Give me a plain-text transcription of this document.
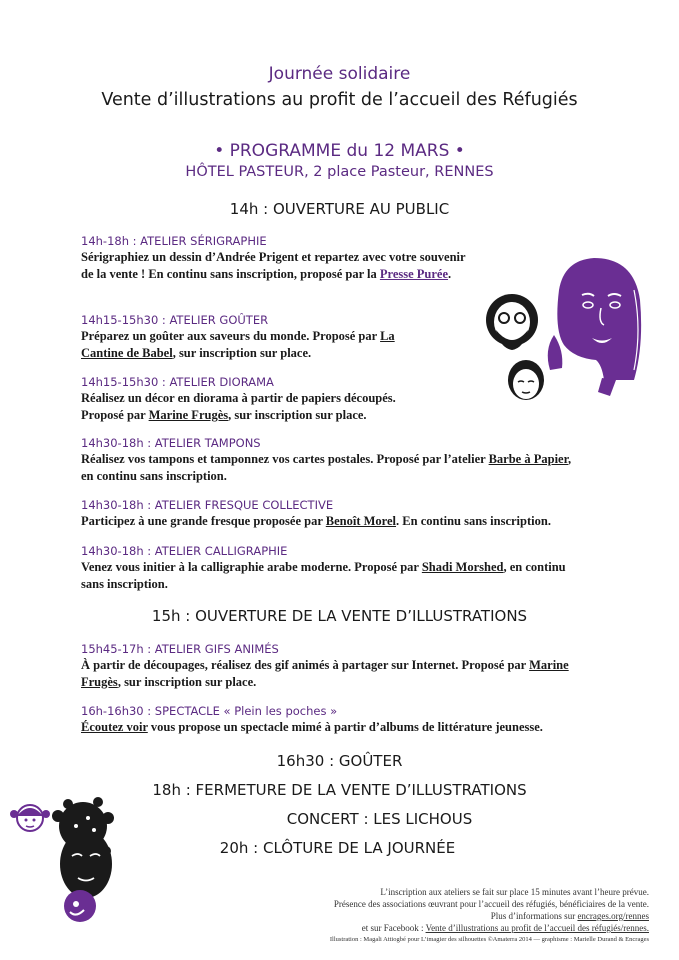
Journée solidaire
Vente d’illustrations au profit de l’accueil des Réfugiés
• PROGRAMME du 12 MARS •
HÔTEL PASTEUR, 2 place Pasteur, RENNES
14h : OUVERTURE AU PUBLIC
14h-18h : ATELIER SÉRIGRAPHIE
Sérigraphiez un dessin d’Andrée Prigent et repartez avec votre souvenir de la vente ! En continu sans inscription, proposé par la Presse Purée.
14h15-15h30 : ATELIER GOÛTER
Préparez un goûter aux saveurs du monde. Proposé par La Cantine de Babel, sur inscription sur place.
14h15-15h30 : ATELIER DIORAMA
Réalisez un décor en diorama à partir de papiers découpés. Proposé par Marine Frugès, sur inscription sur place.
14h30-18h : ATELIER TAMPONS
Réalisez vos tampons et tamponnez vos cartes postales. Proposé par l’atelier Barbe à Papier, en continu sans inscription.
14h30-18h : ATELIER FRESQUE COLLECTIVE
Participez à une grande fresque proposée par Benoît Morel. En continu sans inscription.
14h30-18h : ATELIER CALLIGRAPHIE
Venez vous initier à la calligraphie arabe moderne. Proposé par Shadi Morshed, en continu sans inscription.
15h : OUVERTURE DE LA VENTE D’ILLUSTRATIONS
15h45-17h : ATELIER GIFS ANIMÉS
À partir de découpages, réalisez des gif animés à partager sur Internet. Proposé par Marine Frugès, sur inscription sur place.
16h-16h30 : SPECTACLE « Plein les poches »
Écoutez voir vous propose un spectacle mimé à partir d’albums de littérature jeunesse.
16h30 : GOÛTER
18h : FERMETURE DE LA VENTE D’ILLUSTRATIONS
CONCERT : LES LICHOUS
20h : CLÔTURE DE LA JOURNÉE
L’inscription aux ateliers se fait sur place 15 minutes avant l’heure prévue.
Présence des associations œuvrant pour l’accueil des réfugiés, bénéficiaires de la vente.
Plus d’informations sur encrages.org/rennes
et sur Facebook : Vente d’illustrations au profit de l’accueil des réfugiés/rennes.
Illustration : Magali Attiogbé pour L’imagier des silhouettes ©Amaterra 2014 — graphisme : Marielle Durand & Encrages
